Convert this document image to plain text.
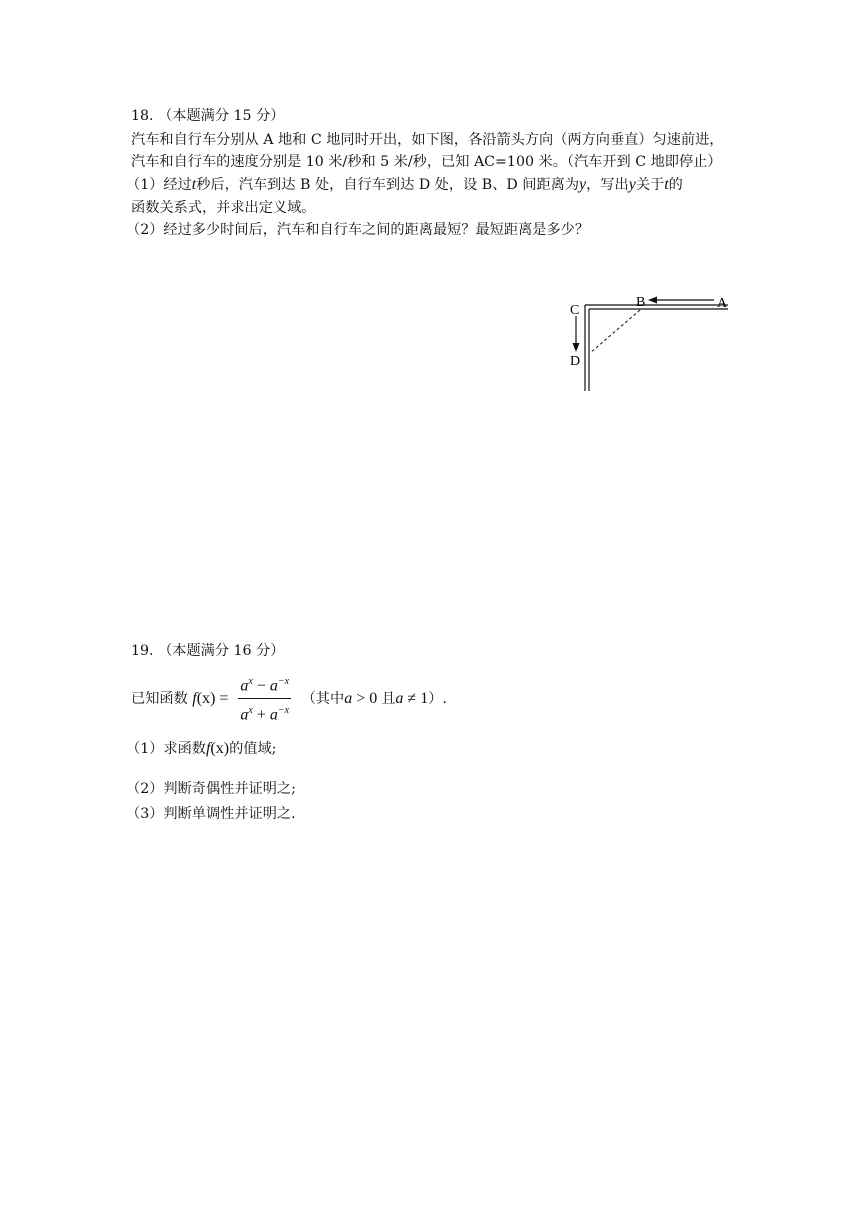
18. （本题满分 15 分）
汽车和自行车分别从 A 地和 C 地同时开出，如下图，各沿箭头方向（两方向垂直）匀速前进，
汽车和自行车的速度分别是 10 米/秒和 5 米/秒，已知 AC=100 米。（汽车开到 C 地即停止）
（1）经过t秒后，汽车到达 B 处，自行车到达 D 处，设 B、D 间距离为y，写出y关于t的
函数关系式，并求出定义域。
（2）经过多少时间后，汽车和自行车之间的距离最短？最短距离是多少？
C
B	A
D
19. （本题满分 16 分）
已知函数 $f(x) = \frac{a^x - a^{-x}}{a^x + a^{-x}}$ （其中a > 0 且a ≠ 1）.
（1）求函数f(x)的值域;
（2）判断奇偶性并证明之;
（3）判断单调性并证明之.
